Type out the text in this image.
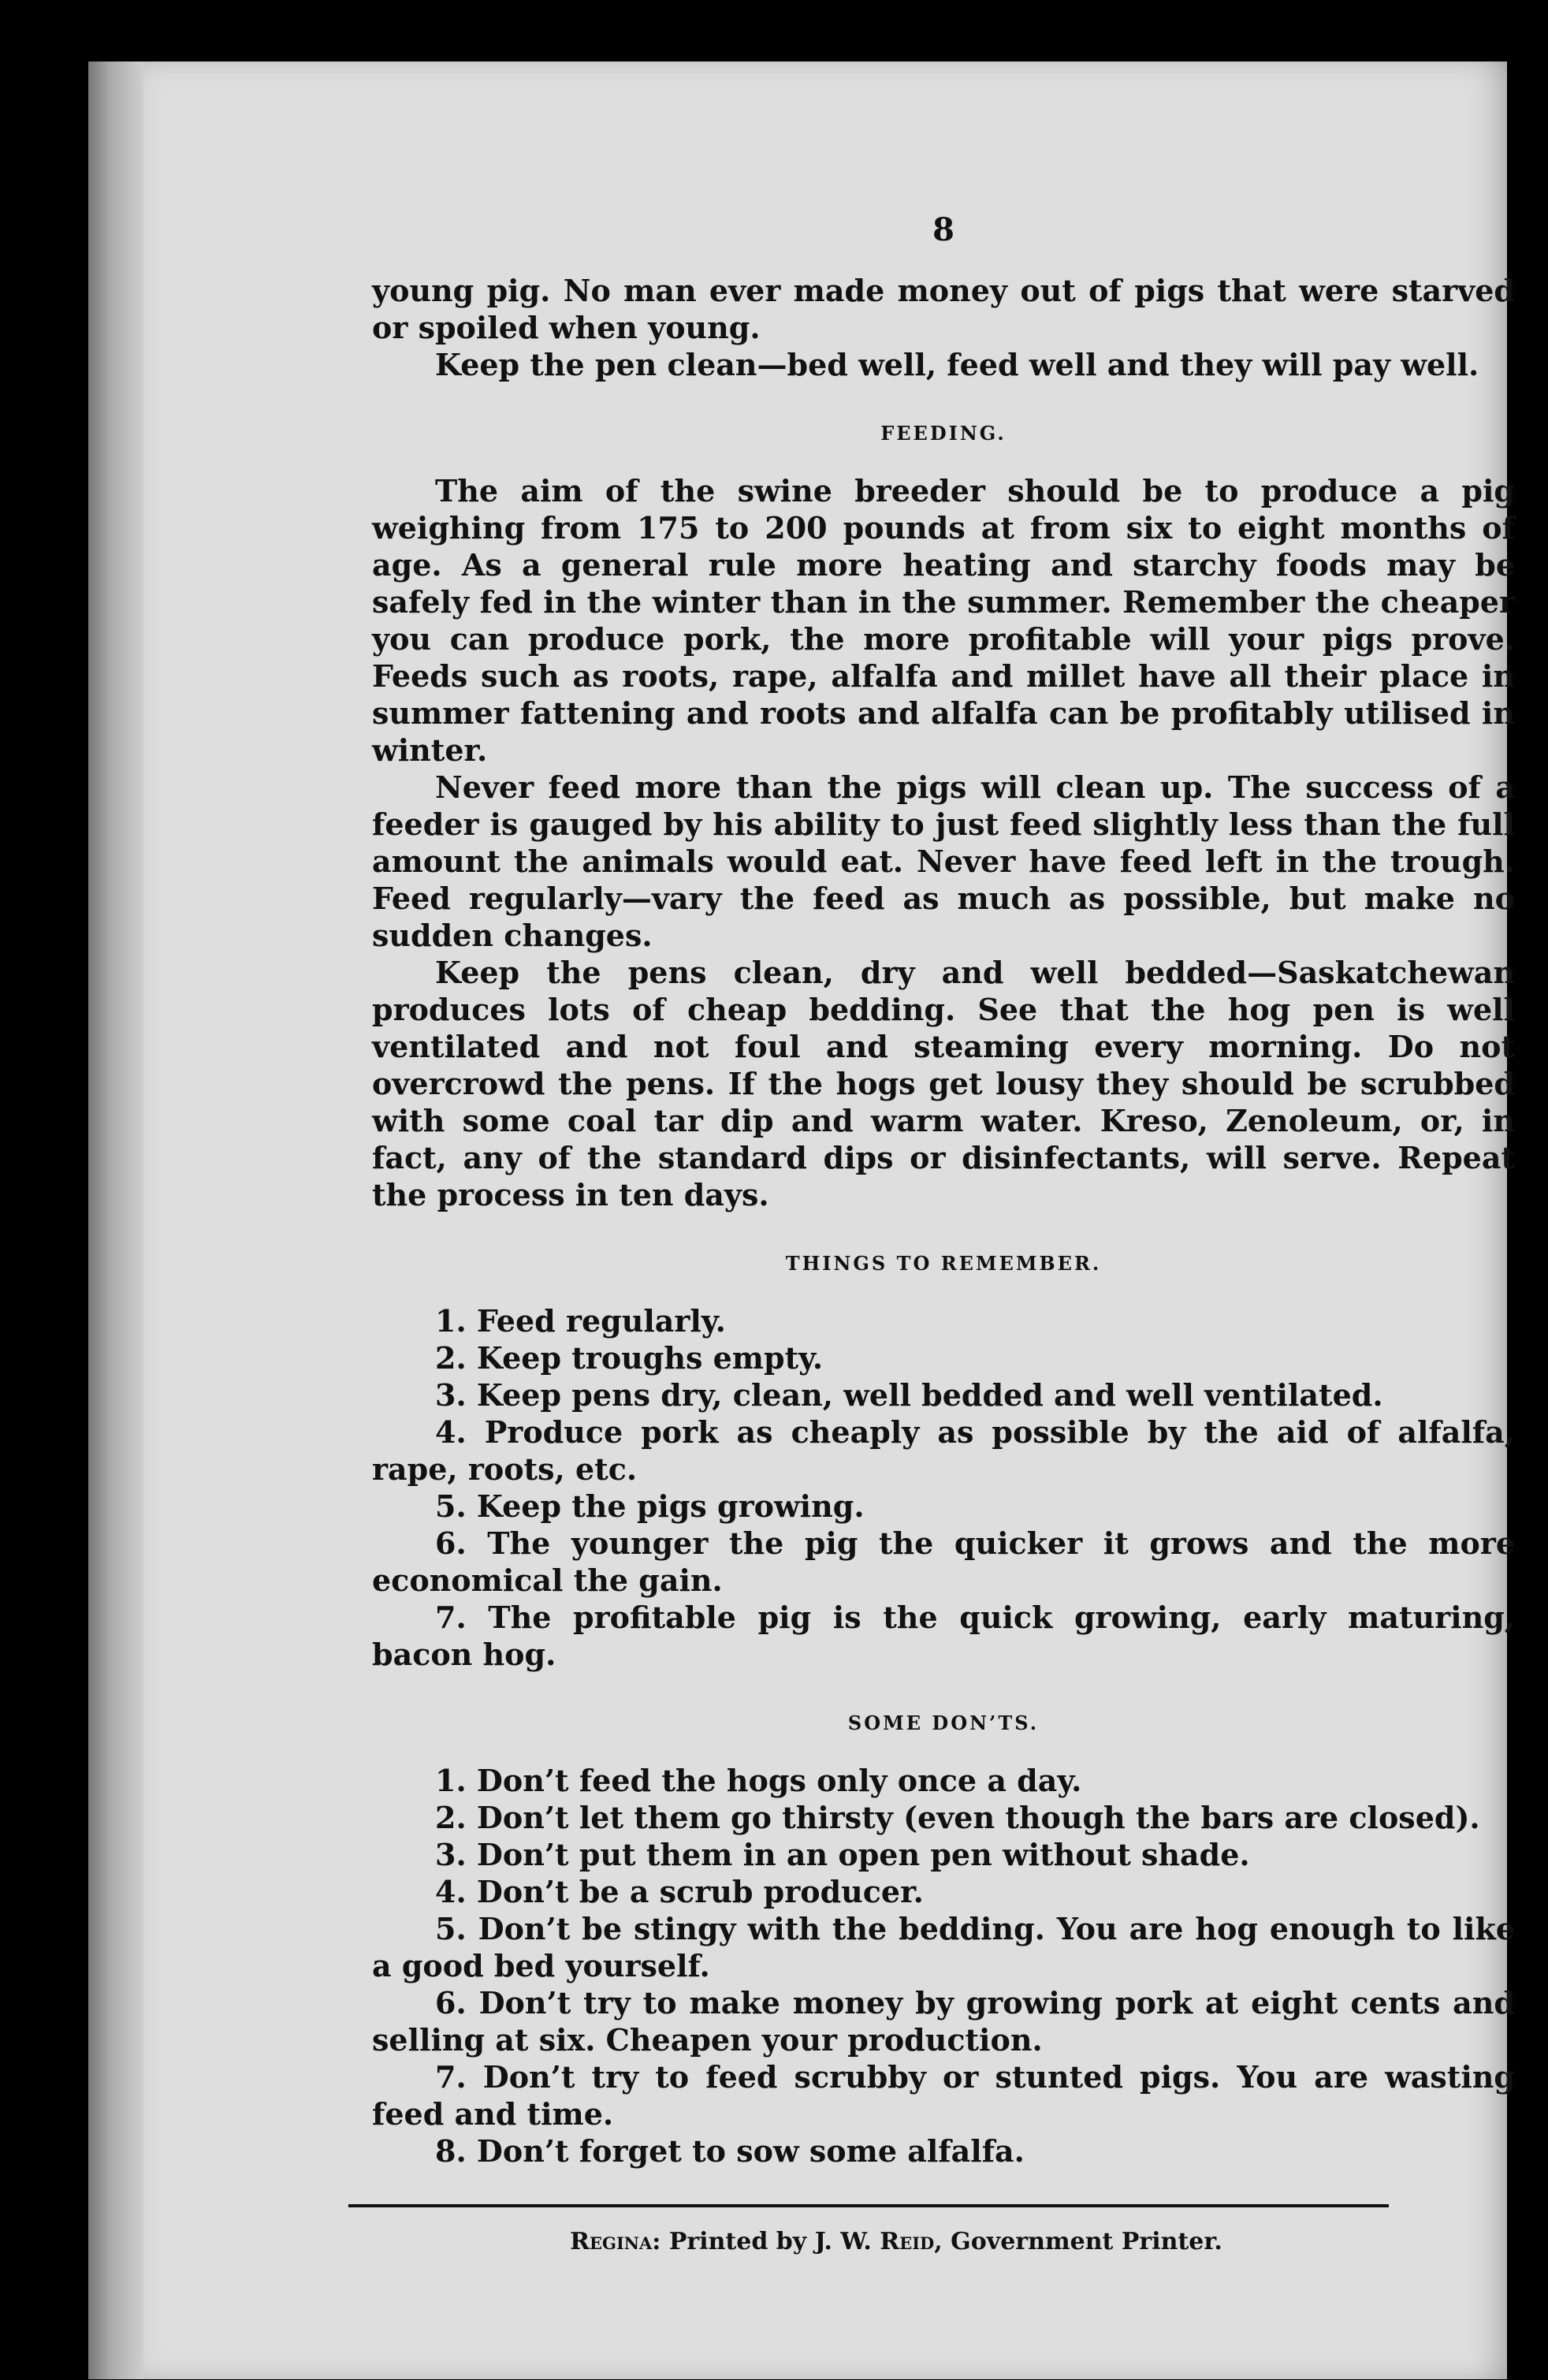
8

young pig. No man ever made money out of pigs that were starved or spoiled when young.

Keep the pen clean—bed well, feed well and they will pay well.

FEEDING.

The aim of the swine breeder should be to produce a pig weighing from 175 to 200 pounds at from six to eight months of age. As a general rule more heating and starchy foods may be safely fed in the winter than in the summer. Remember the cheaper you can produce pork, the more profitable will your pigs prove. Feeds such as roots, rape, alfalfa and millet have all their place in summer fattening and roots and alfalfa can be profitably utilised in winter.

Never feed more than the pigs will clean up. The success of a feeder is gauged by his ability to just feed slightly less than the full amount the animals would eat. Never have feed left in the trough. Feed regularly—vary the feed as much as possible, but make no sudden changes.

Keep the pens clean, dry and well bedded—Saskatchewan produces lots of cheap bedding. See that the hog pen is well ventilated and not foul and steaming every morning. Do not overcrowd the pens. If the hogs get lousy they should be scrubbed with some coal tar dip and warm water. Kreso, Zenoleum, or, in fact, any of the standard dips or disinfectants, will serve. Repeat the process in ten days.

THINGS TO REMEMBER.

1. Feed regularly.

2. Keep troughs empty.

3. Keep pens dry, clean, well bedded and well ventilated.

4. Produce pork as cheaply as possible by the aid of alfalfa, rape, roots, etc.

5. Keep the pigs growing.

6. The younger the pig the quicker it grows and the more economical the gain.

7. The profitable pig is the quick growing, early maturing, bacon hog.

SOME DON’TS.

1. Don’t feed the hogs only once a day.

2. Don’t let them go thirsty (even though the bars are closed).

3. Don’t put them in an open pen without shade.

4. Don’t be a scrub producer.

5. Don’t be stingy with the bedding. You are hog enough to like a good bed yourself.

6. Don’t try to make money by growing pork at eight cents and selling at six. Cheapen your production.

7. Don’t try to feed scrubby or stunted pigs. You are wasting feed and time.

8. Don’t forget to sow some alfalfa.

Regina: Printed by J. W. Reid, Government Printer.
